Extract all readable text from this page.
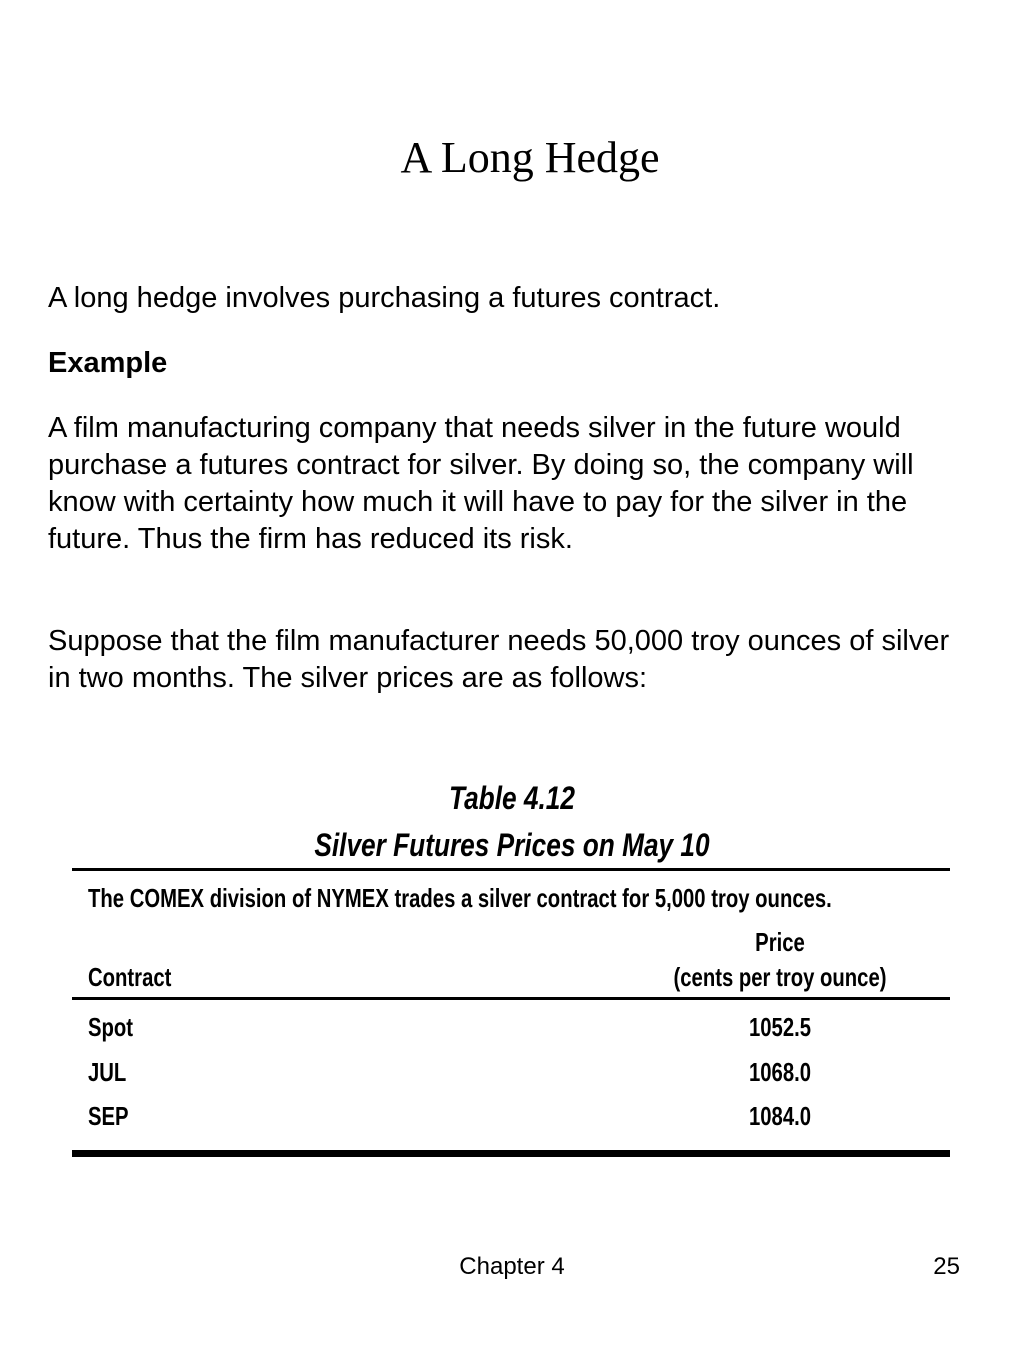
A Long Hedge

A long hedge involves purchasing a futures contract.

Example

A film manufacturing company that needs silver in the future would purchase a futures contract for silver. By doing so, the company will know with certainty how much it will have to pay for the silver in the future. Thus the firm has reduced its risk.

Suppose that the film manufacturer needs 50,000 troy ounces of silver in two months. The silver prices are as follows:

Table 4.12
Silver Futures Prices on May 10
The COMEX division of NYMEX trades a silver contract for 5,000 troy ounces.
Price
Contract	(cents per troy ounce)
Spot	1052.5
JUL	1068.0
SEP	1084.0
Chapter 4	25
